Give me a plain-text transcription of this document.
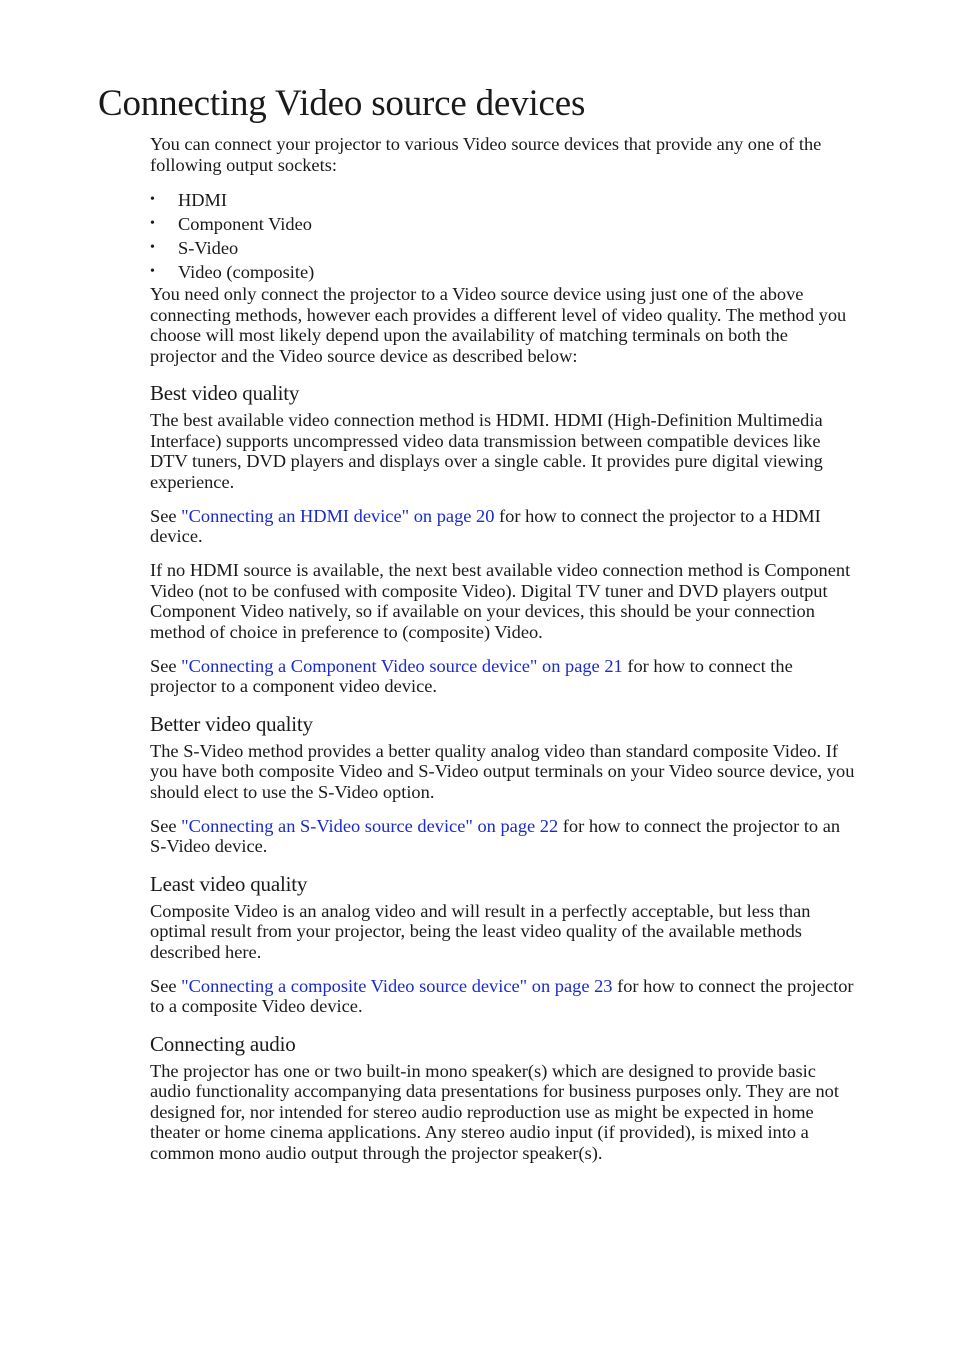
Connecting Video source devices

You can connect your projector to various Video source devices that provide any one of the following output sockets:

• HDMI
• Component Video
• S-Video
• Video (composite)

You need only connect the projector to a Video source device using just one of the above connecting methods, however each provides a different level of video quality. The method you choose will most likely depend upon the availability of matching terminals on both the projector and the Video source device as described below:

Best video quality

The best available video connection method is HDMI. HDMI (High-Definition Multimedia Interface) supports uncompressed video data transmission between compatible devices like DTV tuners, DVD players and displays over a single cable. It provides pure digital viewing experience.

See "Connecting an HDMI device" on page 20 for how to connect the projector to a HDMI device.

If no HDMI source is available, the next best available video connection method is Component Video (not to be confused with composite Video). Digital TV tuner and DVD players output Component Video natively, so if available on your devices, this should be your connection method of choice in preference to (composite) Video.

See "Connecting a Component Video source device" on page 21 for how to connect the projector to a component video device.

Better video quality

The S-Video method provides a better quality analog video than standard composite Video. If you have both composite Video and S-Video output terminals on your Video source device, you should elect to use the S-Video option.

See "Connecting an S-Video source device" on page 22 for how to connect the projector to an S-Video device.

Least video quality

Composite Video is an analog video and will result in a perfectly acceptable, but less than optimal result from your projector, being the least video quality of the available methods described here.

See "Connecting a composite Video source device" on page 23 for how to connect the projector to a composite Video device.

Connecting audio

The projector has one or two built-in mono speaker(s) which are designed to provide basic audio functionality accompanying data presentations for business purposes only. They are not designed for, nor intended for stereo audio reproduction use as might be expected in home theater or home cinema applications. Any stereo audio input (if provided), is mixed into a common mono audio output through the projector speaker(s).
